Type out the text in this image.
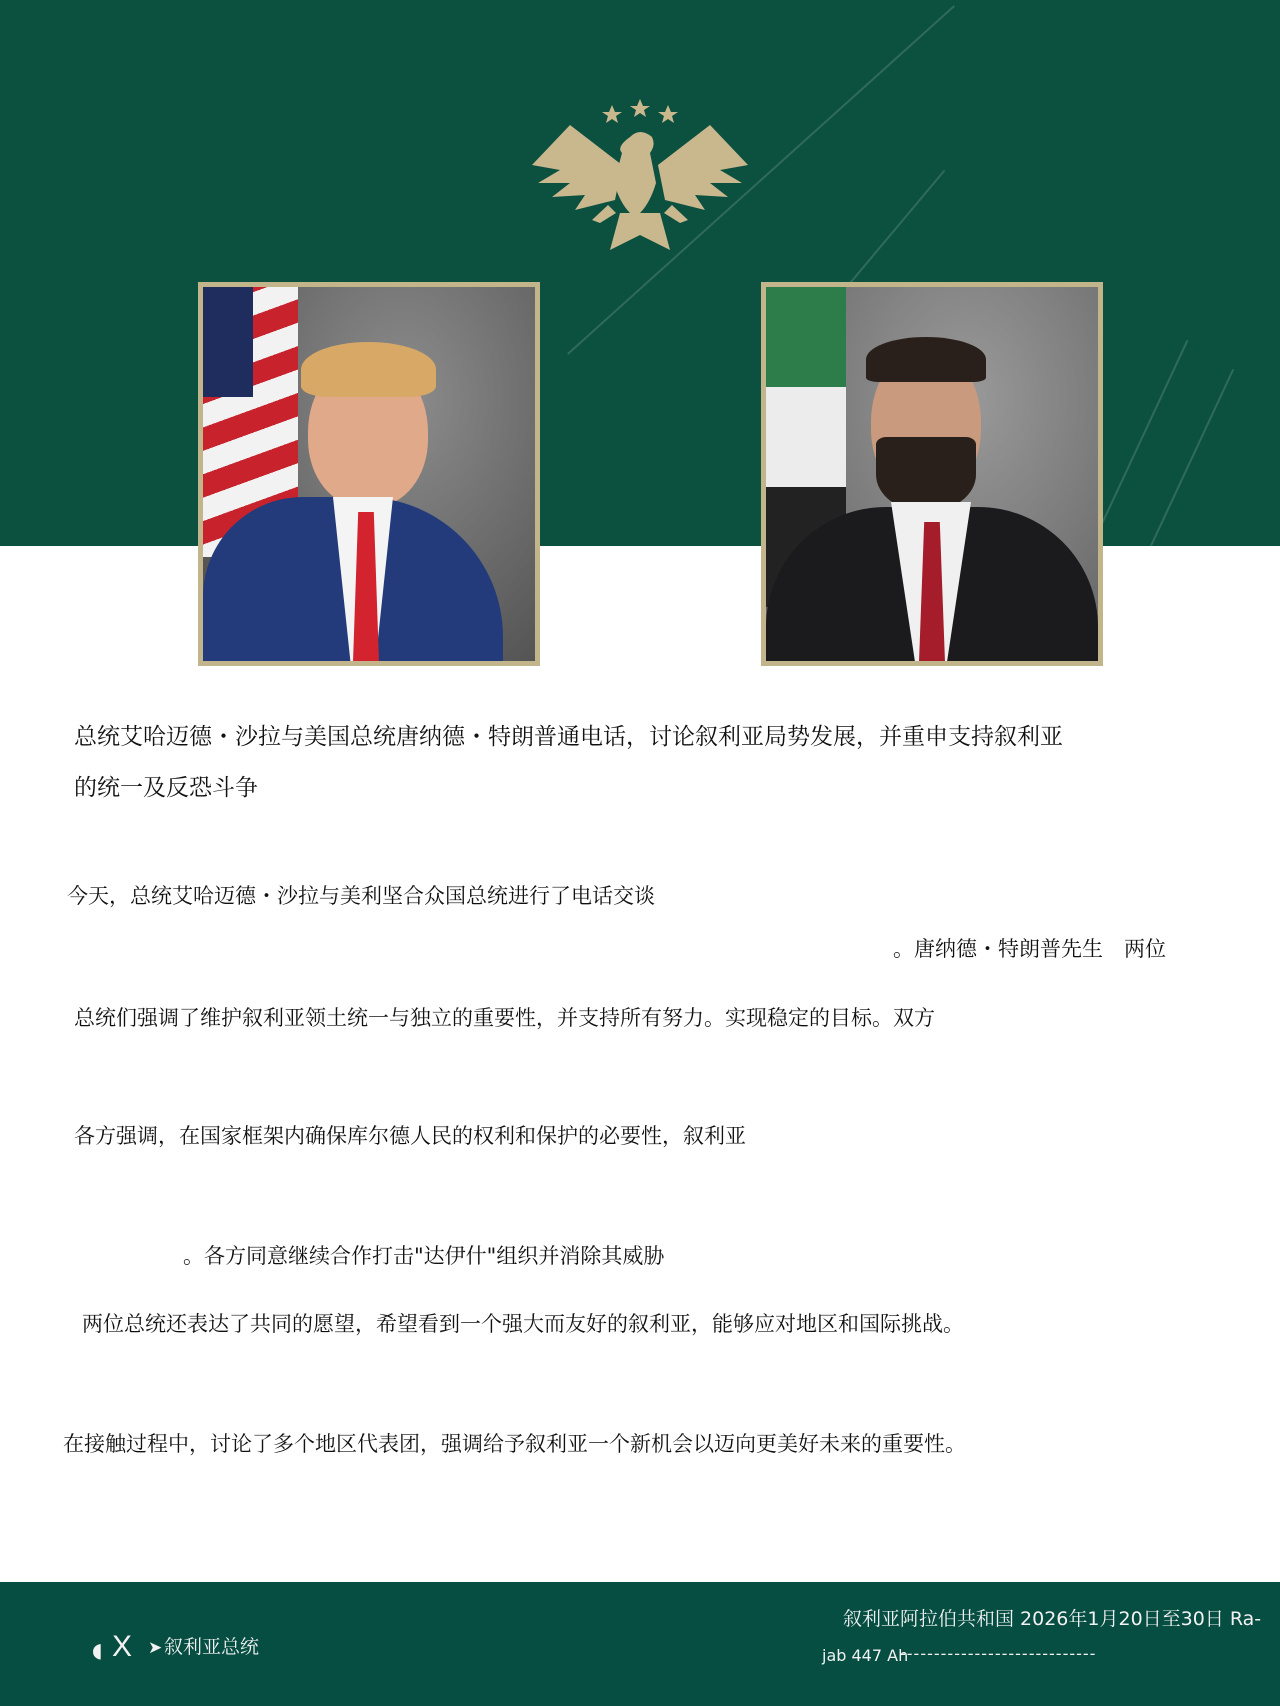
总统艾哈迈德・沙拉与美国总统唐纳德・特朗普通电话，讨论叙利亚局势发展，并重申支持叙利亚
的统一及反恐斗争
今天，总统艾哈迈德・沙拉与美利坚合众国总统进行了电话交谈
。唐纳德・特朗普先生　两位
总统们强调了维护叙利亚领土统一与独立的重要性，并支持所有努力。实现稳定的目标。双方
各方强调，在国家框架内确保库尔德人民的权利和保护的必要性，叙利亚
。各方同意继续合作打击"达伊什"组织并消除其威胁
两位总统还表达了共同的愿望，希望看到一个强大而友好的叙利亚，能够应对地区和国际挑战。
在接触过程中，讨论了多个地区代表团，强调给予叙利亚一个新机会以迈向更美好未来的重要性。
◖ X ➤ 叙利亚总统
叙利亚阿拉伯共和国 2026年1月20日至30日 Ra-
jab 447 Ah
-----------------------------
